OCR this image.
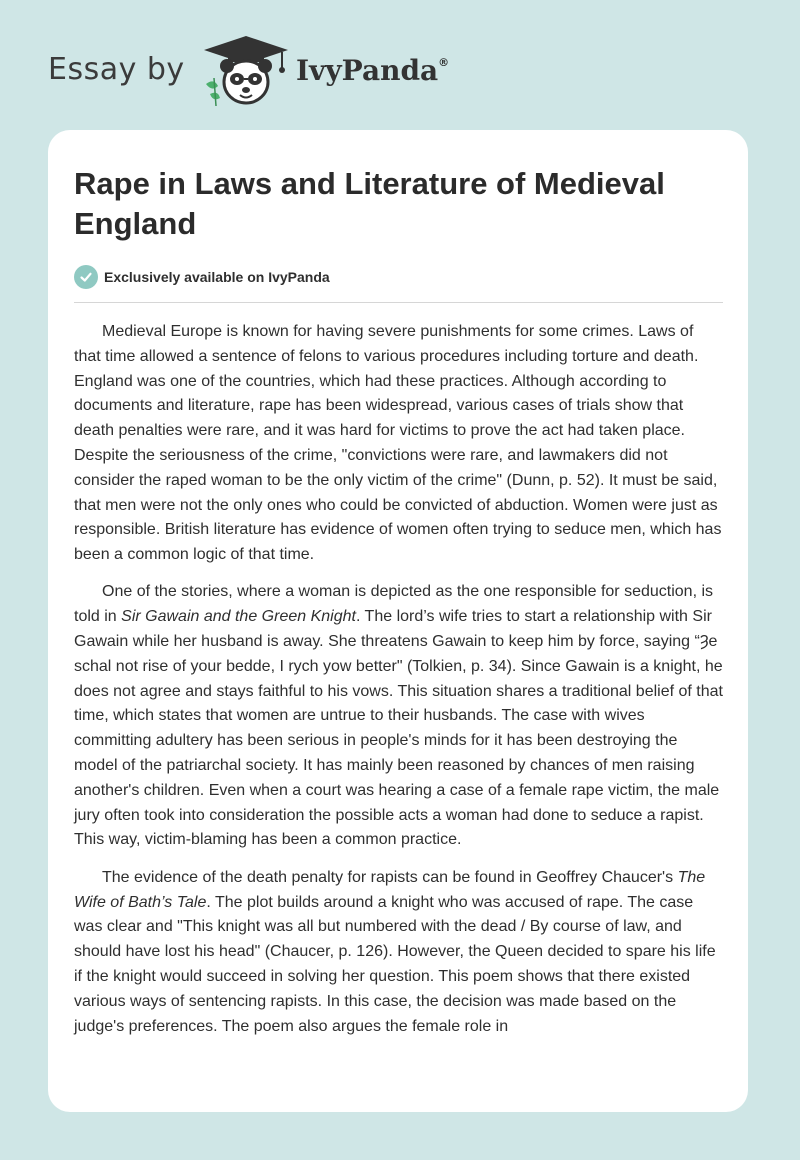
Essay by	IvyPanda®
Rape in Laws and Literature of Medieval England
Exclusively available on IvyPanda

Medieval Europe is known for having severe punishments for some crimes. Laws of that time allowed a sentence of felons to various procedures including torture and death. England was one of the countries, which had these practices. Although according to documents and literature, rape has been widespread, various cases of trials show that death penalties were rare, and it was hard for victims to prove the act had taken place. Despite the seriousness of the crime, "convictions were rare, and lawmakers did not consider the raped woman to be the only victim of the crime" (Dunn, p. 52). It must be said, that men were not the only ones who could be convicted of abduction. Women were just as responsible. British literature has evidence of women often trying to seduce men, which has been a common logic of that time.

One of the stories, where a woman is depicted as the one responsible for seduction, is told in Sir Gawain and the Green Knight. The lord’s wife tries to start a relationship with Sir Gawain while her husband is away. She threatens Gawain to keep him by force, saying “Ȝe schal not rise of your bedde, I rych yow better" (Tolkien, p. 34). Since Gawain is a knight, he does not agree and stays faithful to his vows. This situation shares a traditional belief of that time, which states that women are untrue to their husbands. The case with wives committing adultery has been serious in people's minds for it has been destroying the model of the patriarchal society. It has mainly been reasoned by chances of men raising another's children. Even when a court was hearing a case of a female rape victim, the male jury often took into consideration the possible acts a woman had done to seduce a rapist. This way, victim-blaming has been a common practice.

The evidence of the death penalty for rapists can be found in Geoffrey Chaucer's The Wife of Bath’s Tale. The plot builds around a knight who was accused of rape. The case was clear and "This knight was all but numbered with the dead / By course of law, and should have lost his head" (Chaucer, p. 126). However, the Queen decided to spare his life if the knight would succeed in solving her question. This poem shows that there existed various ways of sentencing rapists. In this case, the decision was made based on the judge's preferences. The poem also argues the female role in
